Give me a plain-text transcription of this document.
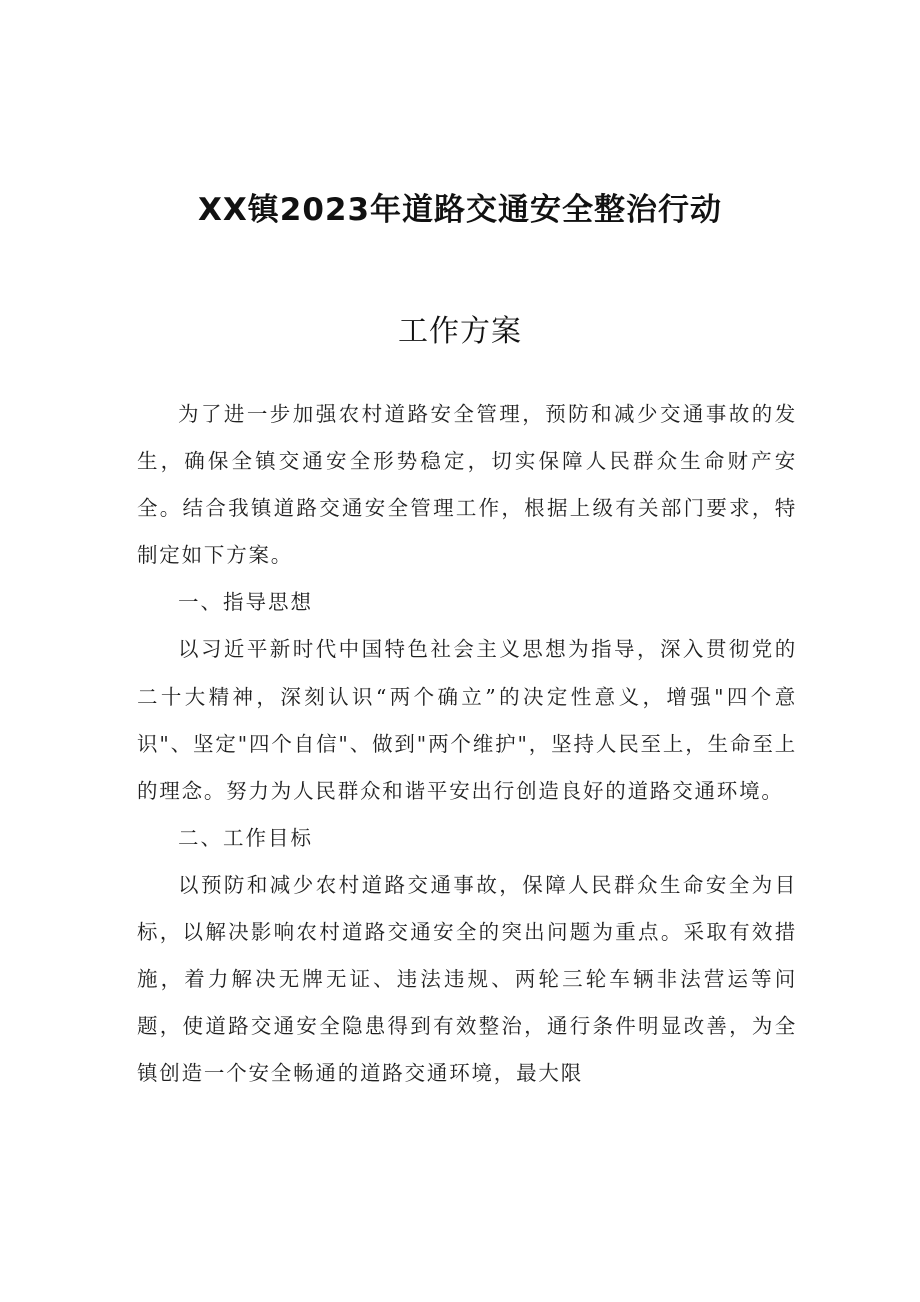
XX镇2023年道路交通安全整治行动
工作方案

为了进一步加强农村道路安全管理，预防和减少交通事故的发生，确保全镇交通安全形势稳定，切实保障人民群众生命财产安全。结合我镇道路交通安全管理工作，根据上级有关部门要求，特制定如下方案。

一、指导思想

以习近平新时代中国特色社会主义思想为指导，深入贯彻党的二十大精神，深刻认识“两个确立”的决定性意义，增强"四个意识"、坚定"四个自信"、做到"两个维护"，坚持人民至上，生命至上的理念。努力为人民群众和谐平安出行创造良好的道路交通环境。

二、工作目标

以预防和减少农村道路交通事故，保障人民群众生命安全为目标，以解决影响农村道路交通安全的突出问题为重点。采取有效措施，着力解决无牌无证、违法违规、两轮三轮车辆非法营运等问题，使道路交通安全隐患得到有效整治，通行条件明显改善，为全镇创造一个安全畅通的道路交通环境，最大限
